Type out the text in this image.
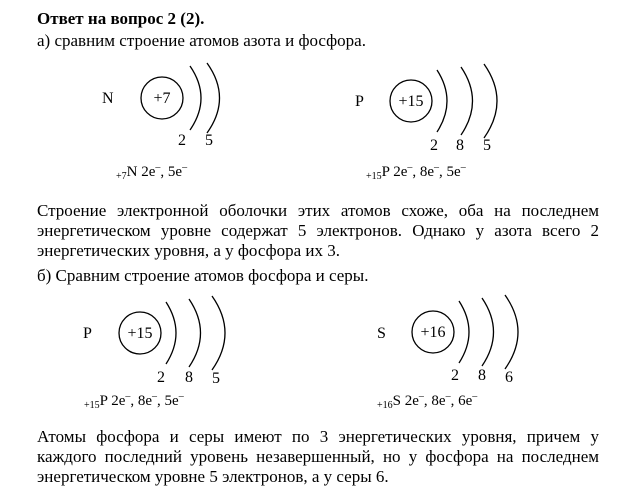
Ответ на вопрос 2 (2).
а) сравним строение атомов азота и фосфора.
N +7
2 5
$_{+7}$N 2e–, 5e–
P +15
2 8 5
$_{+15}$P 2e–, 8e–, 5e–
P +15
2 8 5
$_{+15}$P 2e–, 8e–, 5e–
S +16
2 8 6
$_{+16}$S 2e–, 8e–, 6e–
Строение электронной оболочки этих атомов схоже, оба на последнем энергетическом уровне содержат 5 электронов. Однако у азота всего 2 энергетических уровня, а у фосфора их 3.
б) Сравним строение атомов фосфора и серы.
Атомы фосфора и серы имеют по 3 энергетических уровня, причем у каждого последний уровень незавершенный, но у фосфора на последнем энергетическом уровне 5 электронов, а у серы 6.
